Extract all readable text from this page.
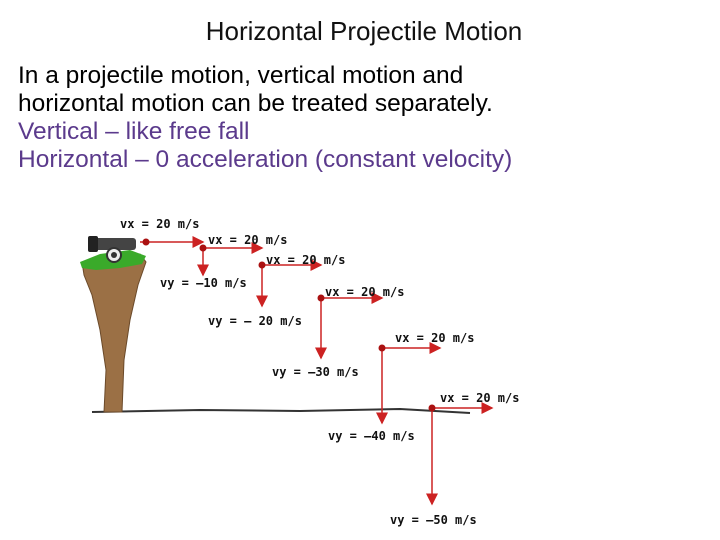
Horizontal Projectile Motion
In a projectile motion, vertical motion and
horizontal motion can be treated separately.
Vertical – like free fall
Horizontal – 0 acceleration (constant velocity)
vx = 20 m/s
vx = 20 m/s
vx = 20 m/s
vx = 20 m/s
vx = 20 m/s
vx = 20 m/s
vy = –10 m/s
vy = – 20 m/s
vy = –30 m/s
vy = –40 m/s
vy = –50 m/s
